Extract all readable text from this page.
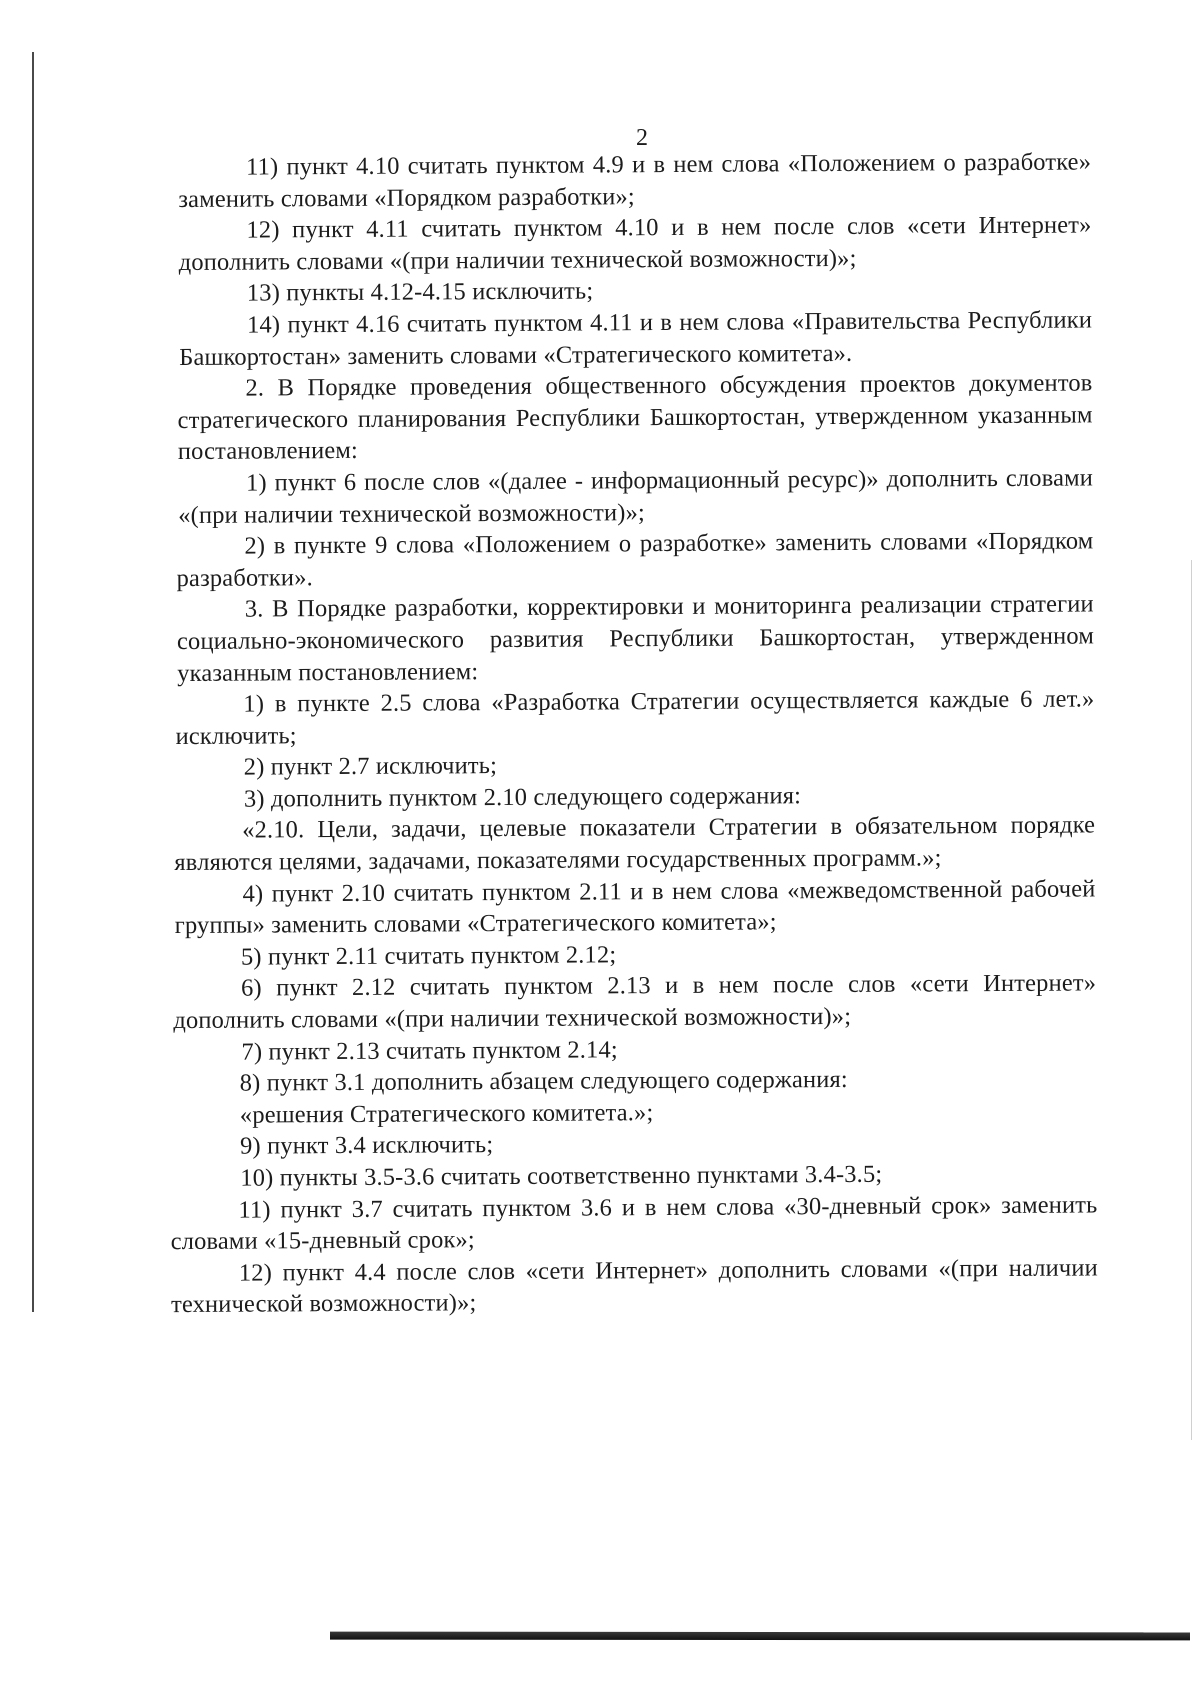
2

11) пункт 4.10 считать пунктом 4.9 и в нем слова «Положением о разработке» заменить словами «Порядком разработки»;

12) пункт 4.11 считать пунктом 4.10 и в нем после слов «сети Интернет» дополнить словами «(при наличии технической возможности)»;

13) пункты 4.12-4.15 исключить;

14) пункт 4.16 считать пунктом 4.11 и в нем слова «Правительства Республики Башкортостан» заменить словами «Стратегического комитета».

2. В Порядке проведения общественного обсуждения проектов документов стратегического планирования Республики Башкортостан, утвержденном указанным постановлением:

1) пункт 6 после слов «(далее - информационный ресурс)» дополнить словами «(при наличии технической возможности)»;

2) в пункте 9 слова «Положением о разработке» заменить словами «Порядком разработки».

3. В Порядке разработки, корректировки и мониторинга реализации стратегии социально-экономического развития Республики Башкортостан, утвержденном указанным постановлением:

1) в пункте 2.5 слова «Разработка Стратегии осуществляется каждые 6 лет.» исключить;

2) пункт 2.7 исключить;

3) дополнить пунктом 2.10 следующего содержания:

«2.10. Цели, задачи, целевые показатели Стратегии в обязательном порядке являются целями, задачами, показателями государственных программ.»;

4) пункт 2.10 считать пунктом 2.11 и в нем слова «межведомственной рабочей группы» заменить словами «Стратегического комитета»;

5) пункт 2.11 считать пунктом 2.12;

6) пункт 2.12 считать пунктом 2.13 и в нем после слов «сети Интернет» дополнить словами «(при наличии технической возможности)»;

7) пункт 2.13 считать пунктом 2.14;

8) пункт 3.1 дополнить абзацем следующего содержания:

«решения Стратегического комитета.»;

9) пункт 3.4 исключить;

10) пункты 3.5-3.6 считать соответственно пунктами 3.4-3.5;

11) пункт 3.7 считать пунктом 3.6 и в нем слова «30-дневный срок» заменить словами «15-дневный срок»;

12) пункт 4.4 после слов «сети Интернет» дополнить словами «(при наличии технической возможности)»;
